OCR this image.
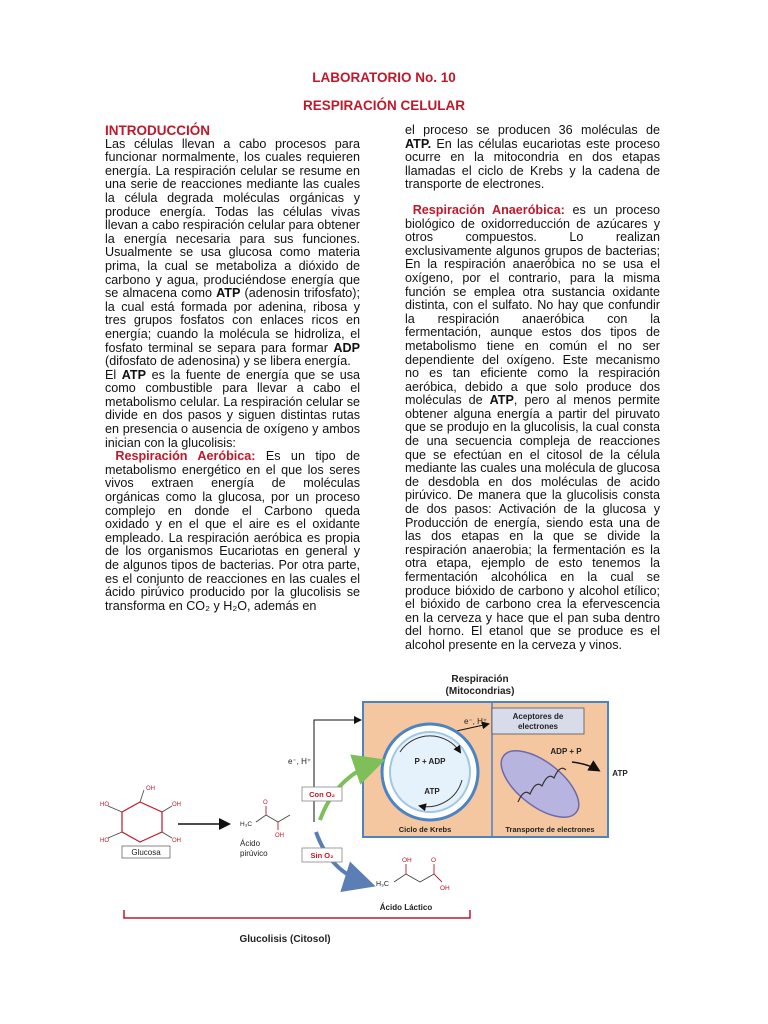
LABORATORIO No. 10
RESPIRACIÓN CELULAR

INTRODUCCIÓN

Las células llevan a cabo procesos para funcionar normalmente, los cuales requieren energía. La respiración celular se resume en una serie de reacciones mediante las cuales la célula degrada moléculas orgánicas y produce energía. Todas las células vivas llevan a cabo respiración celular para obtener la energía necesaria para sus funciones. Usualmente se usa glucosa como materia prima, la cual se metaboliza a dióxido de carbono y agua, produciéndose energía que se almacena como ATP (adenosin trifosfato); la cual está formada por adenina, ribosa y tres grupos fosfatos con enlaces ricos en energía; cuando la molécula se hidroliza, el fosfato terminal se separa para formar ADP (difosfato de adenosina) y se libera energía.

El ATP es la fuente de energía que se usa como combustible para llevar a cabo el metabolismo celular. La respiración celular se divide en dos pasos y siguen distintas rutas en presencia o ausencia de oxígeno y ambos inician con la glucolisis:

Respiración Aeróbica: Es un tipo de metabolismo energético en el que los seres vivos extraen energía de moléculas orgánicas como la glucosa, por un proceso complejo en donde el Carbono queda oxidado y en el que el aire es el oxidante empleado. La respiración aeróbica es propia de los organismos Eucariotas en general y de algunos tipos de bacterias. Por otra parte, es el conjunto de reacciones en las cuales el ácido pirúvico producido por la glucolisis se transforma en CO₂ y H₂O, además en

el proceso se producen 36 moléculas de ATP. En las células eucariotas este proceso ocurre en la mitocondria en dos etapas llamadas el ciclo de Krebs y la cadena de transporte de electrones.

Respiración Anaeróbica: es un proceso biológico de oxidorreducción de azúcares y otros compuestos. Lo realizan exclusivamente algunos grupos de bacterias; En la respiración anaeróbica no se usa el oxígeno, por el contrario, para la misma función se emplea otra sustancia oxidante distinta, con el sulfato. No hay que confundir la respiración anaeróbica con la fermentación, aunque estos dos tipos de metabolismo tiene en común el no ser dependiente del oxígeno. Este mecanismo no es tan eficiente como la respiración aeróbica, debido a que solo produce dos moléculas de ATP, pero al menos permite obtener alguna energía a partir del piruvato que se produjo en la glucolisis, la cual consta de una secuencia compleja de reacciones que se efectúan en el citosol de la célula mediante las cuales una molécula de glucosa de desdobla en dos moléculas de acido pirúvico. De manera que la glucolisis consta de dos pasos: Activación de la glucosa y Producción de energía, siendo esta una de las dos etapas en la que se divide la respiración anaerobia; la fermentación es la otra etapa, ejemplo de esto tenemos la fermentación alcohólica en la cual se produce bióxido de carbono y alcohol etílico; el bióxido de carbono crea la efervescencia en la cerveza y hace que el pan suba dentro del horno. El etanol que se produce es el alcohol presente en la cerveza y vinos.

Respiración
(Mitocondrias)
Aceptores de
electrones
e⁻, H⁺
P + ADP
ATP
Ciclo de Krebs
ADP + P
ATP
Transporte de electrones
OH
HO	OH
HO	OH
Glucosa
H₃C
O
OH
Ácido
pirúvico
e⁻, H⁺
Con O₂
Sin O₂
H₃C
OH	O
OH
Ácido Láctico
Glucolisis (Citosol)
